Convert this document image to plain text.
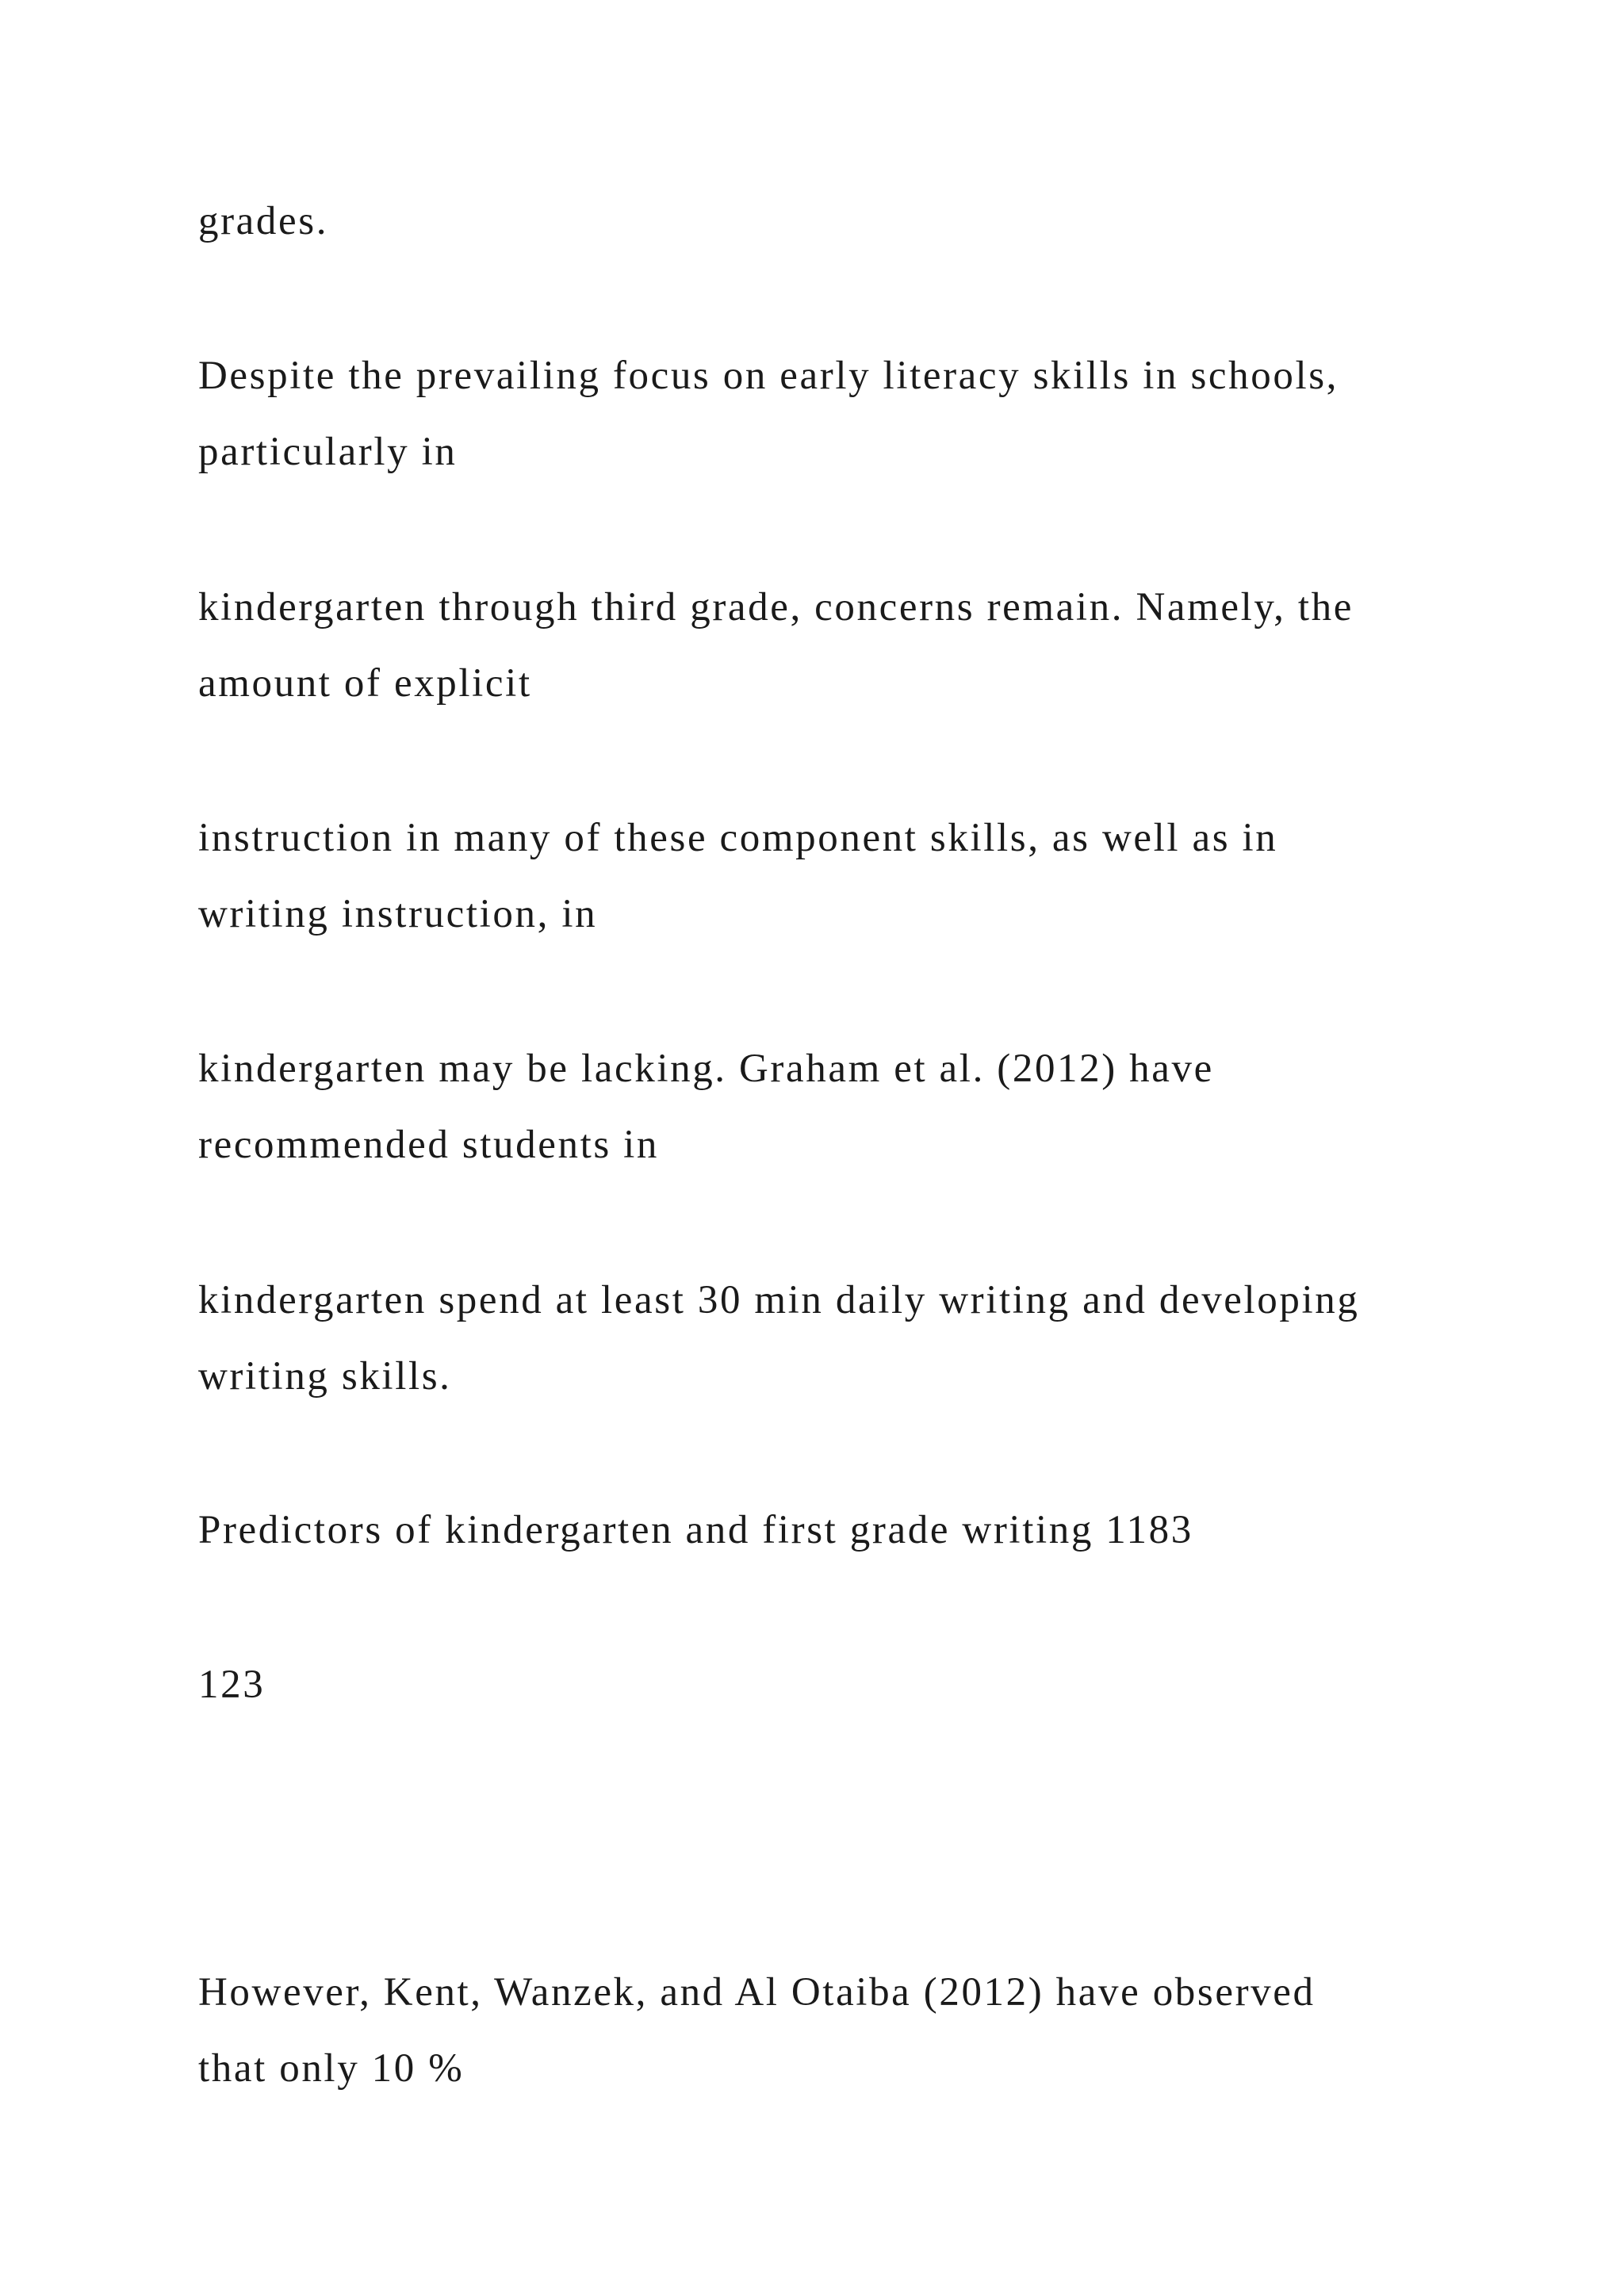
grades.

Despite the prevailing focus on early literacy skills in schools,

particularly in

kindergarten through third grade, concerns remain. Namely, the

amount of explicit

instruction in many of these component skills, as well as in

writing instruction, in

kindergarten may be lacking. Graham et al. (2012) have

recommended students in

kindergarten spend at least 30 min daily writing and developing

writing skills.

Predictors of kindergarten and first grade writing 1183

123

However, Kent, Wanzek, and Al Otaiba (2012) have observed

that only 10 %
